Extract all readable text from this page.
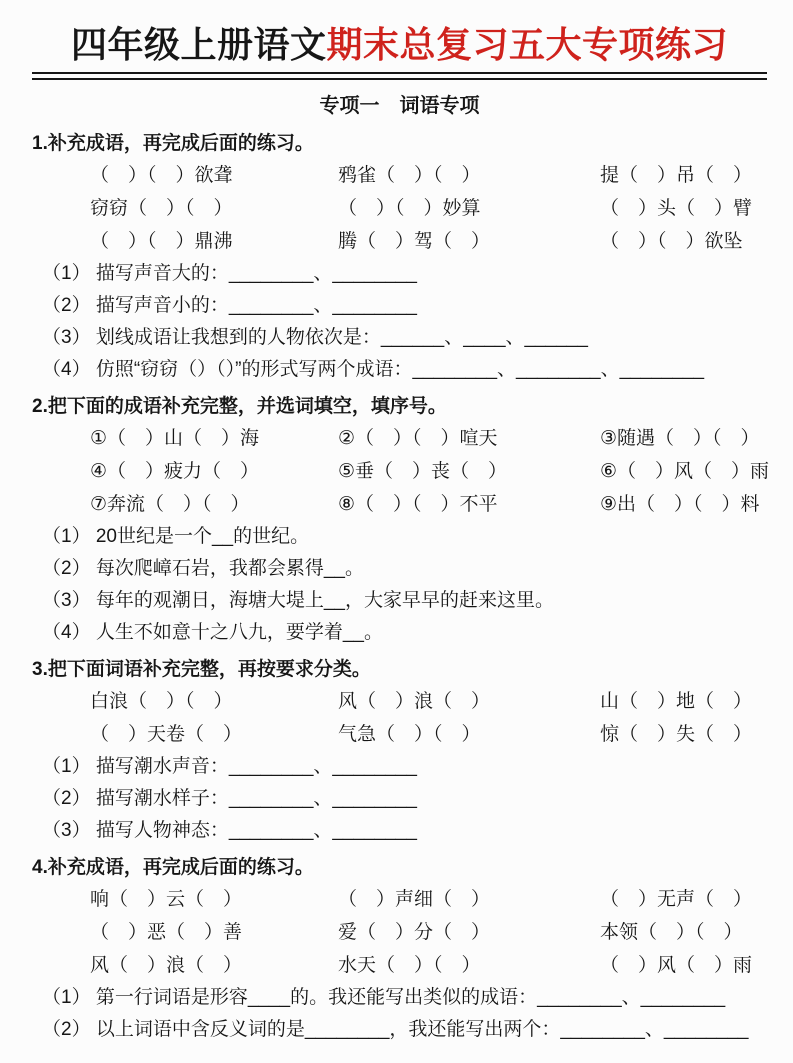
四年级上册语文期末总复习五大专项练习
专项一　词语专项
1.补充成语，再完成后面的练习。
（　）（　）欲聋	鸦雀（　）（　）	提（　）吊（　）
窃窃（　）（　）	（　）（　）妙算	（　）头（　）臂
（　）（　）鼎沸	腾（　）驾（　）	（　）（　）欲坠
（1） 描写声音大的：________、________
（2） 描写声音小的：________、________
（3） 划线成语让我想到的人物依次是：______、____、______
（4） 仿照“窃窃（）（）”的形式写两个成语：________、________、________
2.把下面的成语补充完整，并选词填空，填序号。
①（　）山（　）海	②（　）（　）喧天	③随遇（　）（　）
④（　）疲力（　）	⑤垂（　）丧（　）	⑥（　）风（　）雨
⑦奔流（　）（　）	⑧（　）（　）不平	⑨出（　）（　）料
（1） 20世纪是一个__的世纪。
（2） 每次爬嶂石岩，我都会累得__。
（3） 每年的观潮日，海塘大堤上__，大家早早的赶来这里。
（4） 人生不如意十之八九，要学着__。
3.把下面词语补充完整，再按要求分类。
白浪（　）（　）	风（　）浪（　）	山（　）地（　）
（　）天卷（　）	气急（　）（　）	惊（　）失（　）
（1） 描写潮水声音：________、________
（2） 描写潮水样子：________、________
（3） 描写人物神态：________、________
4.补充成语，再完成后面的练习。
响（　）云（　）	（　）声细（　）	（　）无声（　）
（　）恶（　）善	爱（　）分（　）	本领（　）（　）
风（　）浪（　）	水天（　）（　）	（　）风（　）雨
（1） 第一行词语是形容____的。我还能写出类似的成语：________、________
（2） 以上词语中含反义词的是________，我还能写出两个：________、________
